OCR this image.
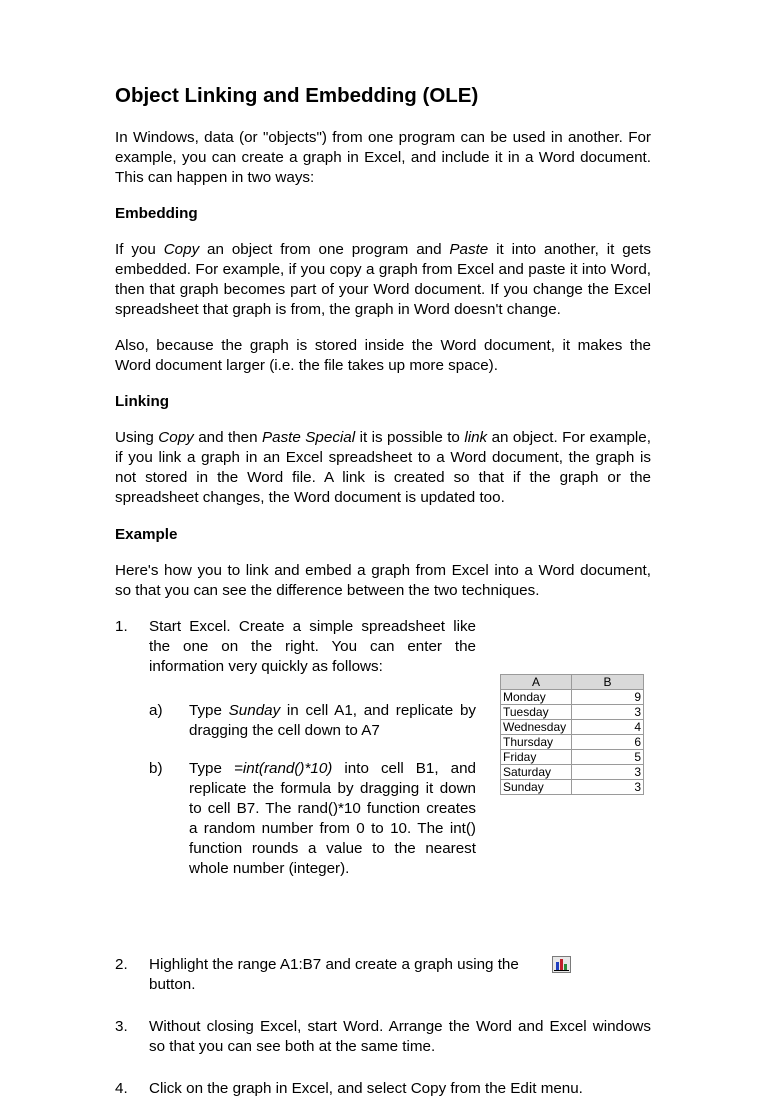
Object Linking and Embedding (OLE)

In Windows, data (or "objects") from one program can be used in another. For example, you can create a graph in Excel, and include it in a Word document. This can happen in two ways:

Embedding

If you Copy an object from one program and Paste it into another, it gets embedded. For example, if you copy a graph from Excel and paste it into Word, then that graph becomes part of your Word document. If you change the Excel spreadsheet that graph is from, the graph in Word doesn't change.

Also, because the graph is stored inside the Word document, it makes the Word document larger (i.e. the file takes up more space).

Linking

Using Copy and then Paste Special it is possible to link an object. For example, if you link a graph in an Excel spreadsheet to a Word document, the graph is not stored in the Word file. A link is created so that if the graph or the spreadsheet changes, the Word document is updated too.

Example

Here's how you to link and embed a graph from Excel into a Word document, so that you can see the difference between the two techniques.

1. Start Excel. Create a simple spreadsheet like the one on the right. You can enter the information very quickly as follows:
a) Type Sunday in cell A1, and replicate by dragging the cell down to A7
b) Type =int(rand()*10) into cell B1, and replicate the formula by dragging it down to cell B7. The rand()*10 function creates a random number from 0 to 10. The int() function rounds a value to the nearest whole number (integer).
A	B
Monday	9
Tuesday	3
Wednesday	4
Thursday	6
Friday	5
Saturday	3
Sunday	3
2. Highlight the range A1:B7 and create a graph using the button.
3. Without closing Excel, start Word. Arrange the Word and Excel windows so that you can see both at the same time.
4. Click on the graph in Excel, and select Copy from the Edit menu.
